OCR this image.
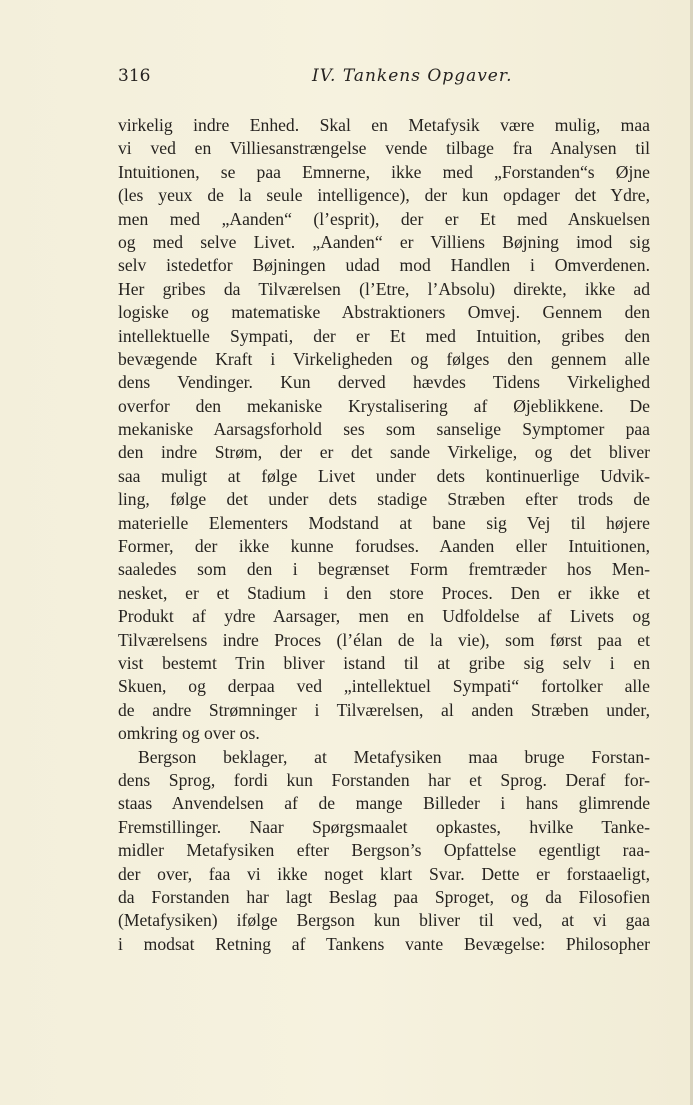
316	IV. Tankens Opgaver.
virkelig indre Enhed. Skal en Metafysik være mulig, maa
vi ved en Villiesanstrængelse vende tilbage fra Analysen til
Intuitionen, se paa Emnerne, ikke med „Forstanden“s Øjne
(les yeux de la seule intelligence), der kun opdager det Ydre,
men med „Aanden“ (l’esprit), der er Et med Anskuelsen
og med selve Livet. „Aanden“ er Villiens Bøjning imod sig
selv istedetfor Bøjningen udad mod Handlen i Omverdenen.
Her gribes da Tilværelsen (l’Etre, l’Absolu) direkte, ikke ad
logiske og matematiske Abstraktioners Omvej. Gennem den
intellektuelle Sympati, der er Et med Intuition, gribes den
bevægende Kraft i Virkeligheden og følges den gennem alle
dens Vendinger. Kun derved hævdes Tidens Virkelighed
overfor den mekaniske Krystalisering af Øjeblikkene. De
mekaniske Aarsagsforhold ses som sanselige Symptomer paa
den indre Strøm, der er det sande Virkelige, og det bliver
saa muligt at følge Livet under dets kontinuerlige Udvik-
ling, følge det under dets stadige Stræben efter trods de
materielle Elementers Modstand at bane sig Vej til højere
Former, der ikke kunne forudses. Aanden eller Intuitionen,
saaledes som den i begrænset Form fremtræder hos Men-
nesket, er et Stadium i den store Proces. Den er ikke et
Produkt af ydre Aarsager, men en Udfoldelse af Livets og
Tilværelsens indre Proces (l’élan de la vie), som først paa et
vist bestemt Trin bliver istand til at gribe sig selv i en
Skuen, og derpaa ved „intellektuel Sympati“ fortolker alle
de andre Strømninger i Tilværelsen, al anden Stræben under,
omkring og over os.
Bergson beklager, at Metafysiken maa bruge Forstan-
dens Sprog, fordi kun Forstanden har et Sprog. Deraf for-
staas Anvendelsen af de mange Billeder i hans glimrende
Fremstillinger. Naar Spørgsmaalet opkastes, hvilke Tanke-
midler Metafysiken efter Bergson’s Opfattelse egentligt raa-
der over, faa vi ikke noget klart Svar. Dette er forstaaeligt,
da Forstanden har lagt Beslag paa Sproget, og da Filosofien
(Metafysiken) ifølge Bergson kun bliver til ved, at vi gaa
i modsat Retning af Tankens vante Bevægelse: Philosopher
